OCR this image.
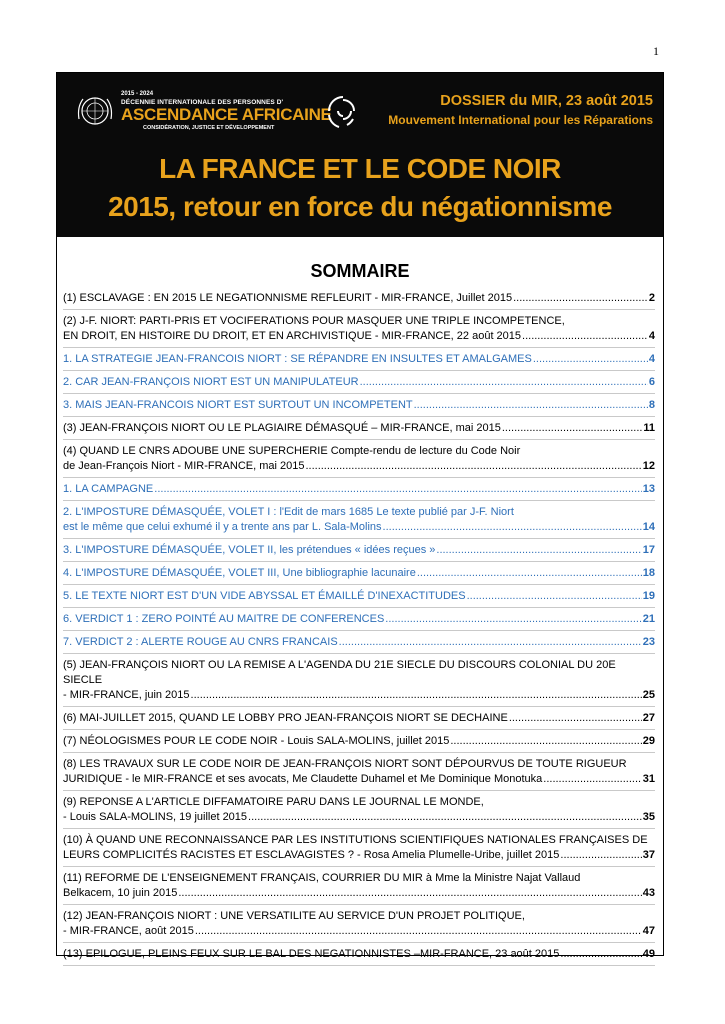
1
2015 - 2024
DÉCENNIE INTERNATIONALE DES PERSONNES D'
ASCENDANCE AFRICAINE
CONSIDÉRATION, JUSTICE ET DÉVELOPPEMENT
DOSSIER du MIR, 23 août 2015
Mouvement International pour les Réparations
LA FRANCE ET LE CODE NOIR
2015, retour en force du négationnisme
SOMMAIRE
(1) ESCLAVAGE : EN 2015 LE NEGATIONNISME REFLEURIT - MIR-FRANCE, Juillet 2015 .....	2
(2) J-F. NIORT: PARTI-PRIS ET VOCIFERATIONS POUR MASQUER UNE TRIPLE INCOMPETENCE,
EN DROIT, EN HISTOIRE DU DROIT, ET EN ARCHIVISTIQUE - MIR-FRANCE, 22 août 2015 .....	4
1. LA STRATEGIE JEAN-FRANCOIS NIORT : SE RÉPANDRE EN INSULTES ET AMALGAMES .....	4
2. CAR JEAN-FRANÇOIS NIORT EST UN MANIPULATEUR .....	6
3. MAIS JEAN-FRANCOIS NIORT EST SURTOUT UN INCOMPETENT .....	8
(3) JEAN-FRANÇOIS NIORT OU LE PLAGIAIRE DÉMASQUÉ – MIR-FRANCE, mai 2015 .....	11
(4) QUAND LE CNRS ADOUBE UNE SUPERCHERIE Compte-rendu de lecture du Code Noir
de Jean-François Niort - MIR-FRANCE, mai 2015 .....	12
1. LA CAMPAGNE .....	13
2. L'IMPOSTURE DÉMASQUÉE, VOLET I : l'Edit de mars 1685 Le texte publié par J-F. Niort
est le même que celui exhumé il y a trente ans par L. Sala-Molins .....	14
3. L'IMPOSTURE DÉMASQUÉE, VOLET II, les prétendues « idées reçues » .....	17
4. L'IMPOSTURE DÉMASQUÉE, VOLET III, Une bibliographie lacunaire .....	18
5. LE TEXTE NIORT EST D'UN VIDE ABYSSAL ET ÉMAILLÉ D'INEXACTITUDES .....	19
6. VERDICT 1 : ZERO POINTÉ AU MAITRE DE CONFERENCES .....	21
7. VERDICT 2 : ALERTE ROUGE AU CNRS FRANCAIS .....	23
(5) JEAN-FRANÇOIS NIORT OU LA REMISE A L'AGENDA DU 21E SIECLE DU DISCOURS COLONIAL DU 20E SIECLE
- MIR-FRANCE, juin 2015 .....	25
(6) MAI-JUILLET 2015, QUAND LE LOBBY PRO JEAN-FRANÇOIS NIORT SE DECHAINE .....	27
(7) NÉOLOGISMES POUR LE CODE NOIR - Louis SALA-MOLINS, juillet 2015 .....	29
(8) LES TRAVAUX SUR LE CODE NOIR DE JEAN-FRANÇOIS NIORT SONT DÉPOURVUS DE TOUTE RIGUEUR
JURIDIQUE - le MIR-FRANCE et ses avocats, Me Claudette Duhamel et Me Dominique Monotuka .....	31
(9) REPONSE A L'ARTICLE DIFFAMATOIRE PARU DANS LE JOURNAL LE MONDE,
- Louis SALA-MOLINS, 19 juillet 2015 .....	35
(10) À QUAND UNE RECONNAISSANCE PAR LES INSTITUTIONS SCIENTIFIQUES NATIONALES FRANÇAISES DE
LEURS COMPLICITÉS RACISTES ET ESCLAVAGISTES ? - Rosa Amelia Plumelle-Uribe, juillet 2015 .....	37
(11) REFORME DE L'ENSEIGNEMENT FRANÇAIS, COURRIER DU MIR à Mme la Ministre Najat Vallaud
Belkacem, 10 juin 2015 .....	43
(12) JEAN-FRANÇOIS NIORT : UNE VERSATILITE AU SERVICE D'UN PROJET POLITIQUE,
- MIR-FRANCE, août 2015 .....	47
(13) EPILOGUE, PLEINS FEUX SUR LE BAL DES NEGATIONNISTES –MIR-FRANCE, 23 août 2015 .....	49
